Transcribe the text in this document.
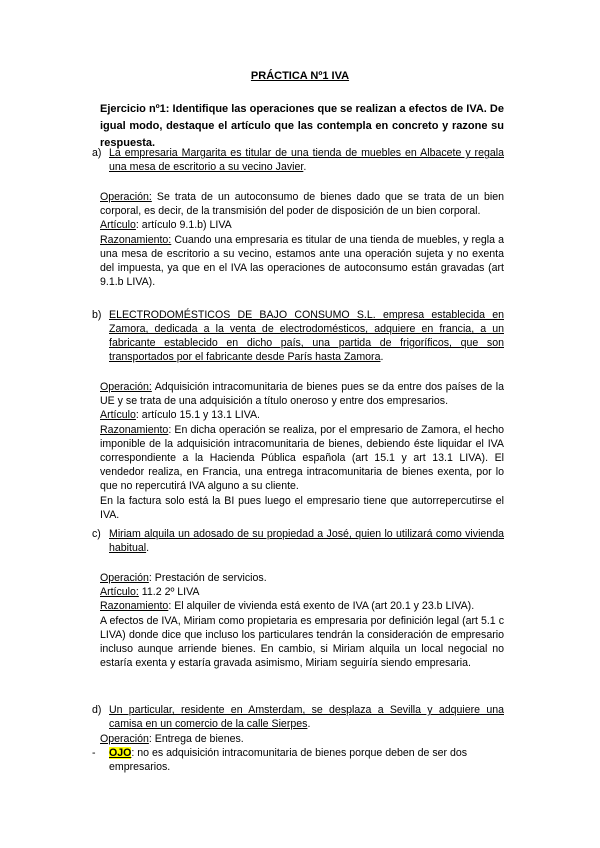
PRÁCTICA Nº1 IVA
Ejercicio nº1: Identifique las operaciones que se realizan a efectos de IVA. De igual modo, destaque el artículo que las contempla en concreto y razone su respuesta.
a) La empresaria Margarita es titular de una tienda de muebles en Albacete y regala una mesa de escritorio a su vecino Javier.

Operación: Se trata de un autoconsumo de bienes dado que se trata de un bien corporal, es decir, de la transmisión del poder de disposición de un bien corporal.

Artículo: artículo 9.1.b) LIVA

Razonamiento: Cuando una empresaria es titular de una tienda de muebles, y regla a una mesa de escritorio a su vecino, estamos ante una operación sujeta y no exenta del impuesta, ya que en el IVA las operaciones de autoconsumo están gravadas (art 9.1.b LIVA).

b) ELECTRODOMÉSTICOS DE BAJO CONSUMO S.L. empresa establecida en Zamora, dedicada a la venta de electrodomésticos, adquiere en francia, a un fabricante establecido en dicho país, una partida de frigoríficos, que son transportados por el fabricante desde París hasta Zamora.

Operación: Adquisición intracomunitaria de bienes pues se da entre dos países de la UE y se trata de una adquisición a título oneroso y entre dos empresarios.

Artículo: artículo 15.1 y 13.1 LIVA.

Razonamiento: En dicha operación se realiza, por el empresario de Zamora, el hecho imponible de la adquisición intracomunitaria de bienes, debiendo éste liquidar el IVA correspondiente a la Hacienda Pública española (art 15.1 y art 13.1 LIVA). El vendedor realiza, en Francia, una entrega intracomunitaria de bienes exenta, por lo que no repercutirá IVA alguno a su cliente.

En la factura solo está la BI pues luego el empresario tiene que autorrepercutirse el IVA.

c) Miriam alquila un adosado de su propiedad a José, quien lo utilizará como vivienda habitual.

Operación: Prestación de servicios.

Artículo: 11.2 2º LIVA

Razonamiento: El alquiler de vivienda está exento de IVA (art 20.1 y 23.b LIVA).

A efectos de IVA, Miriam como propietaria es empresaria por definición legal (art 5.1 c LIVA) donde dice que incluso los particulares tendrán la consideración de empresario incluso aunque arriende bienes. En cambio, si Miriam alquila un local negocial no estaría exenta y estaría gravada asimismo, Miriam seguiría siendo empresaria.

d) Un particular, residente en Amsterdam, se desplaza a Sevilla y adquiere una camisa en un comercio de la calle Sierpes.

Operación: Entrega de bienes.

- OJO: no es adquisición intracomunitaria de bienes porque deben de ser dos empresarios.
